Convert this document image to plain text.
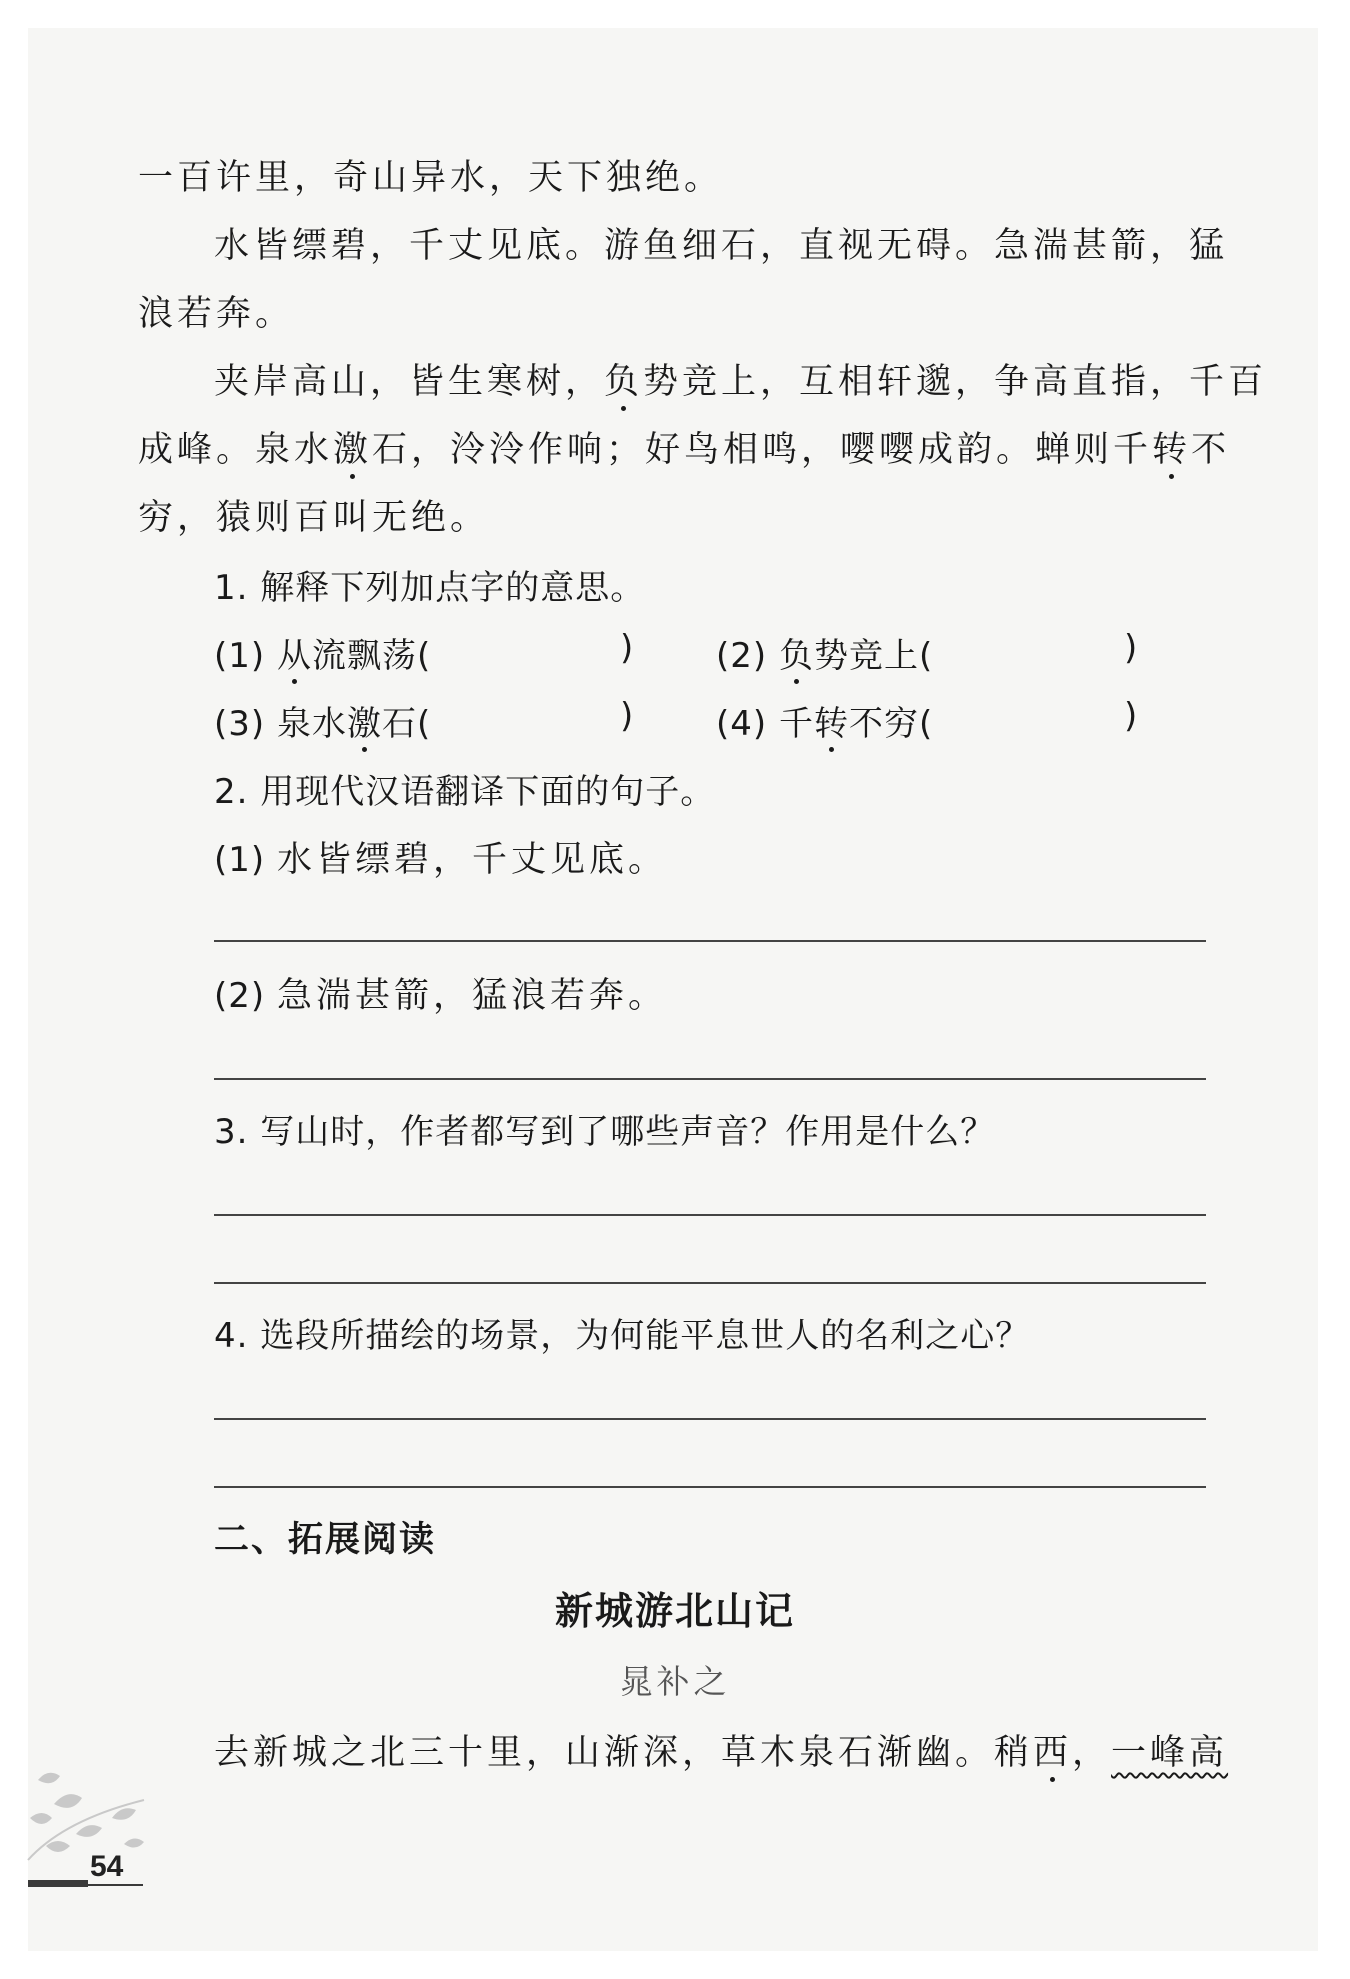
一百许里，奇山异水，天下独绝。
水皆缥碧，千丈见底。游鱼细石，直视无碍。急湍甚箭，猛
浪若奔。
夹岸高山，皆生寒树，负势竞上，互相轩邈，争高直指，千百
成峰。泉水激石，泠泠作响；好鸟相鸣，嘤嘤成韵。蝉则千转不
穷，猿则百叫无绝。
1. 解释下列加点字的意思。
(1) 从流飘荡(	) (2) 负势竞上(	)
(3) 泉水激石(	) (4) 千转不穷(	)
2. 用现代汉语翻译下面的句子。
(1) 水皆缥碧，千丈见底。
(2) 急湍甚箭，猛浪若奔。
3. 写山时，作者都写到了哪些声音？作用是什么？
4. 选段所描绘的场景，为何能平息世人的名利之心？
二、拓展阅读
新城游北山记
晁补之
去新城之北三十里，山渐深，草木泉石渐幽。稍西，一峰高
54
